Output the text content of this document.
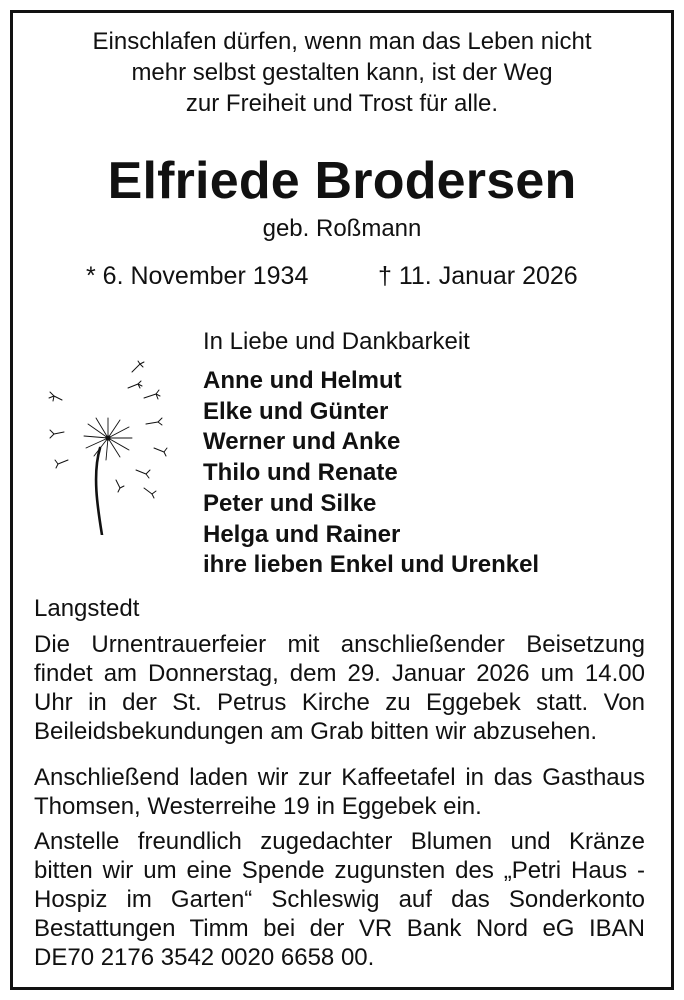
Einschlafen dürfen, wenn man das Leben nicht
mehr selbst gestalten kann, ist der Weg
zur Freiheit und Trost für alle.
Elfriede Brodersen
geb. Roßmann
* 6. November 1934	† 11. Januar 2026
In Liebe und Dankbarkeit
Anne und Helmut
Elke und Günter
Werner und Anke
Thilo und Renate
Peter und Silke
Helga und Rainer
ihre lieben Enkel und Urenkel
Langstedt
Die Urnentrauerfeier mit anschließender Beisetzung
findet am Donnerstag, dem 29. Januar 2026 um 14.00
Uhr in der St. Petrus Kirche zu Eggebek statt. Von
Beileidsbekundungen am Grab bitten wir abzusehen.
Anschließend laden wir zur Kaffeetafel in das Gasthaus
Thomsen, Westerreihe 19 in Eggebek ein.
Anstelle freundlich zugedachter Blumen und Kränze
bitten wir um eine Spende zugunsten des „Petri Haus -
Hospiz im Garten“ Schleswig auf das Sonderkonto
Bestattungen Timm bei der VR Bank Nord eG IBAN
DE70 2176 3542 0020 6658 00.
